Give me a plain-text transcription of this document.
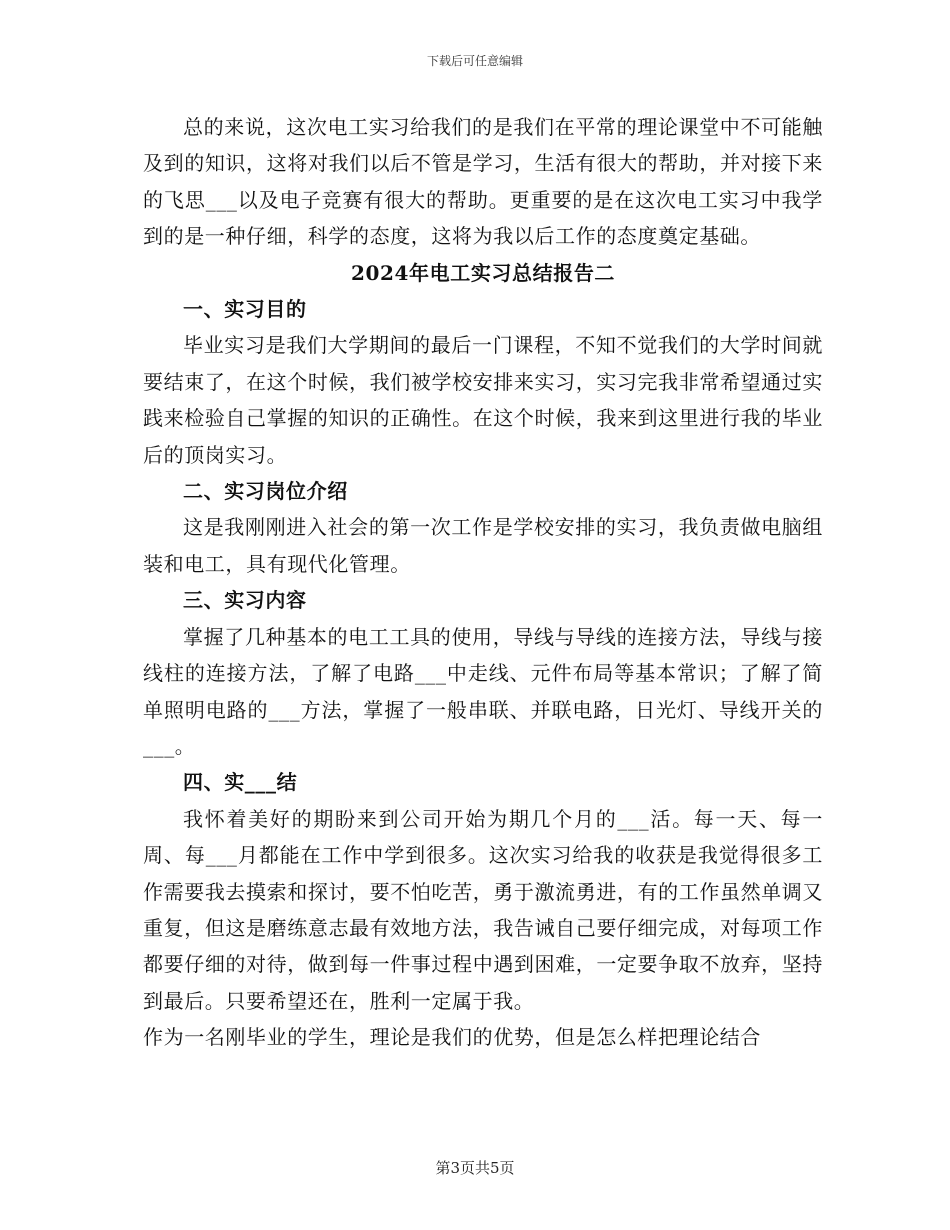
下载后可任意编辑

总的来说，这次电工实习给我们的是我们在平常的理论课堂中不可能触及到的知识，这将对我们以后不管是学习，生活有很大的帮助，并对接下来的飞思___以及电子竞赛有很大的帮助。更重要的是在这次电工实习中我学到的是一种仔细，科学的态度，这将为我以后工作的态度奠定基础。

2024年电工实习总结报告二

一、实习目的

毕业实习是我们大学期间的最后一门课程，不知不觉我们的大学时间就要结束了，在这个时候，我们被学校安排来实习，实习完我非常希望通过实践来检验自己掌握的知识的正确性。在这个时候，我来到这里进行我的毕业后的顶岗实习。

二、实习岗位介绍

这是我刚刚进入社会的第一次工作是学校安排的实习，我负责做电脑组装和电工，具有现代化管理。

三、实习内容

掌握了几种基本的电工工具的使用，导线与导线的连接方法，导线与接线柱的连接方法，了解了电路___中走线、元件布局等基本常识；了解了简单照明电路的___方法，掌握了一般串联、并联电路，日光灯、导线开关的___。

四、实___结

我怀着美好的期盼来到公司开始为期几个月的___活。每一天、每一周、每___月都能在工作中学到很多。这次实习给我的收获是我觉得很多工作需要我去摸索和探讨，要不怕吃苦，勇于激流勇进，有的工作虽然单调又重复，但这是磨练意志最有效地方法，我告诫自己要仔细完成，对每项工作都要仔细的对待，做到每一件事过程中遇到困难，一定要争取不放弃，坚持到最后。只要希望还在，胜利一定属于我。

作为一名刚毕业的学生，理论是我们的优势，但是怎么样把理论结合

第3页共5页
